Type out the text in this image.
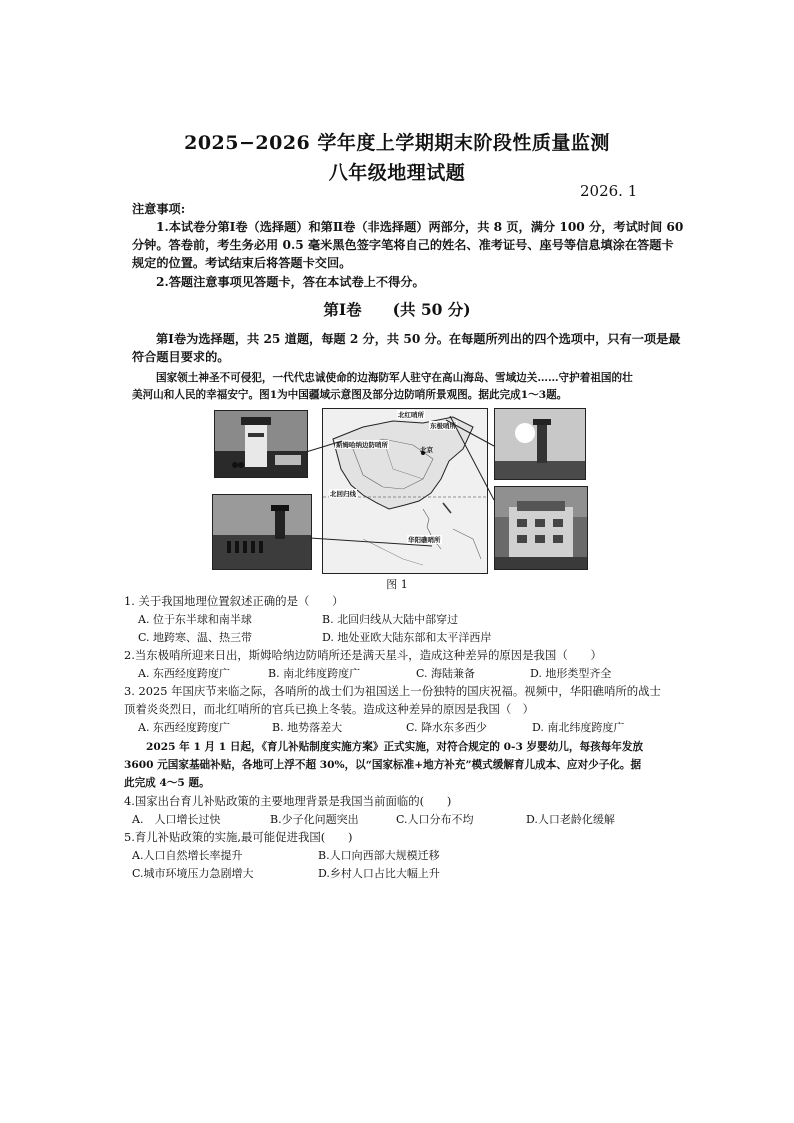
2025−2026 学年度上学期期末阶段性质量监测
八年级地理试题
2026. 1
注意事项:
1.本试卷分第Ⅰ卷（选择题）和第Ⅱ卷（非选择题）两部分，共 8 页，满分 100 分，考试时间 60
分钟。答卷前，考生务必用 0.5 毫米黑色签字笔将自己的姓名、准考证号、座号等信息填涂在答题卡
规定的位置。考试结束后将答题卡交回。
2.答题注意事项见答题卡，答在本试卷上不得分。
第Ⅰ卷　　(共 50 分)
第Ⅰ卷为选择题，共 25 道题，每题 2 分，共 50 分。在每题所列出的四个选项中，只有一项是最
符合题目要求的。
国家领土神圣不可侵犯，一代代忠诚使命的边海防军人驻守在高山海岛、雪域边关……守护着祖国的壮
美河山和人民的幸福安宁。图1为中国疆域示意图及部分边防哨所景观图。据此完成1～3题。
北红哨所
东极哨所
斯姆哈纳边防哨所
北京
北回归线
华阳礁哨所
图 1
1. 关于我国地理位置叙述正确的是（　　）
A. 位于东半球和南半球	B. 北回归线从大陆中部穿过
C. 地跨寒、温、热三带	D. 地处亚欧大陆东部和太平洋西岸
2.当东极哨所迎来日出，斯姆哈纳边防哨所还是满天星斗，造成这种差异的原因是我国（　　）
A. 东西经度跨度广	B. 南北纬度跨度广	C. 海陆兼备	D. 地形类型齐全
3. 2025 年国庆节来临之际，各哨所的战士们为祖国送上一份独特的国庆祝福。视频中，华阳礁哨所的战士
顶着炎炎烈日，而北红哨所的官兵已换上冬装。造成这种差异的原因是我国（　）
A. 东西经度跨度广	B. 地势落差大	C. 降水东多西少	D. 南北纬度跨度广
2025 年 1 月 1 日起，《育儿补贴制度实施方案》正式实施，对符合规定的 0-3 岁婴幼儿，每孩每年发放
3600 元国家基础补贴，各地可上浮不超 30%，以“国家标准+地方补充”模式缓解育儿成本、应对少子化。据
此完成 4～5 题。
4.国家出台育儿补贴政策的主要地理背景是我国当前面临的(　　)
A.　人口增长过快	B.少子化问题突出	C.人口分布不均	D.人口老龄化缓解
5.育儿补贴政策的实施,最可能促进我国(　　)
A.人口自然增长率提升	B.人口向西部大规模迁移
C.城市环境压力急剧增大	D.乡村人口占比大幅上升
